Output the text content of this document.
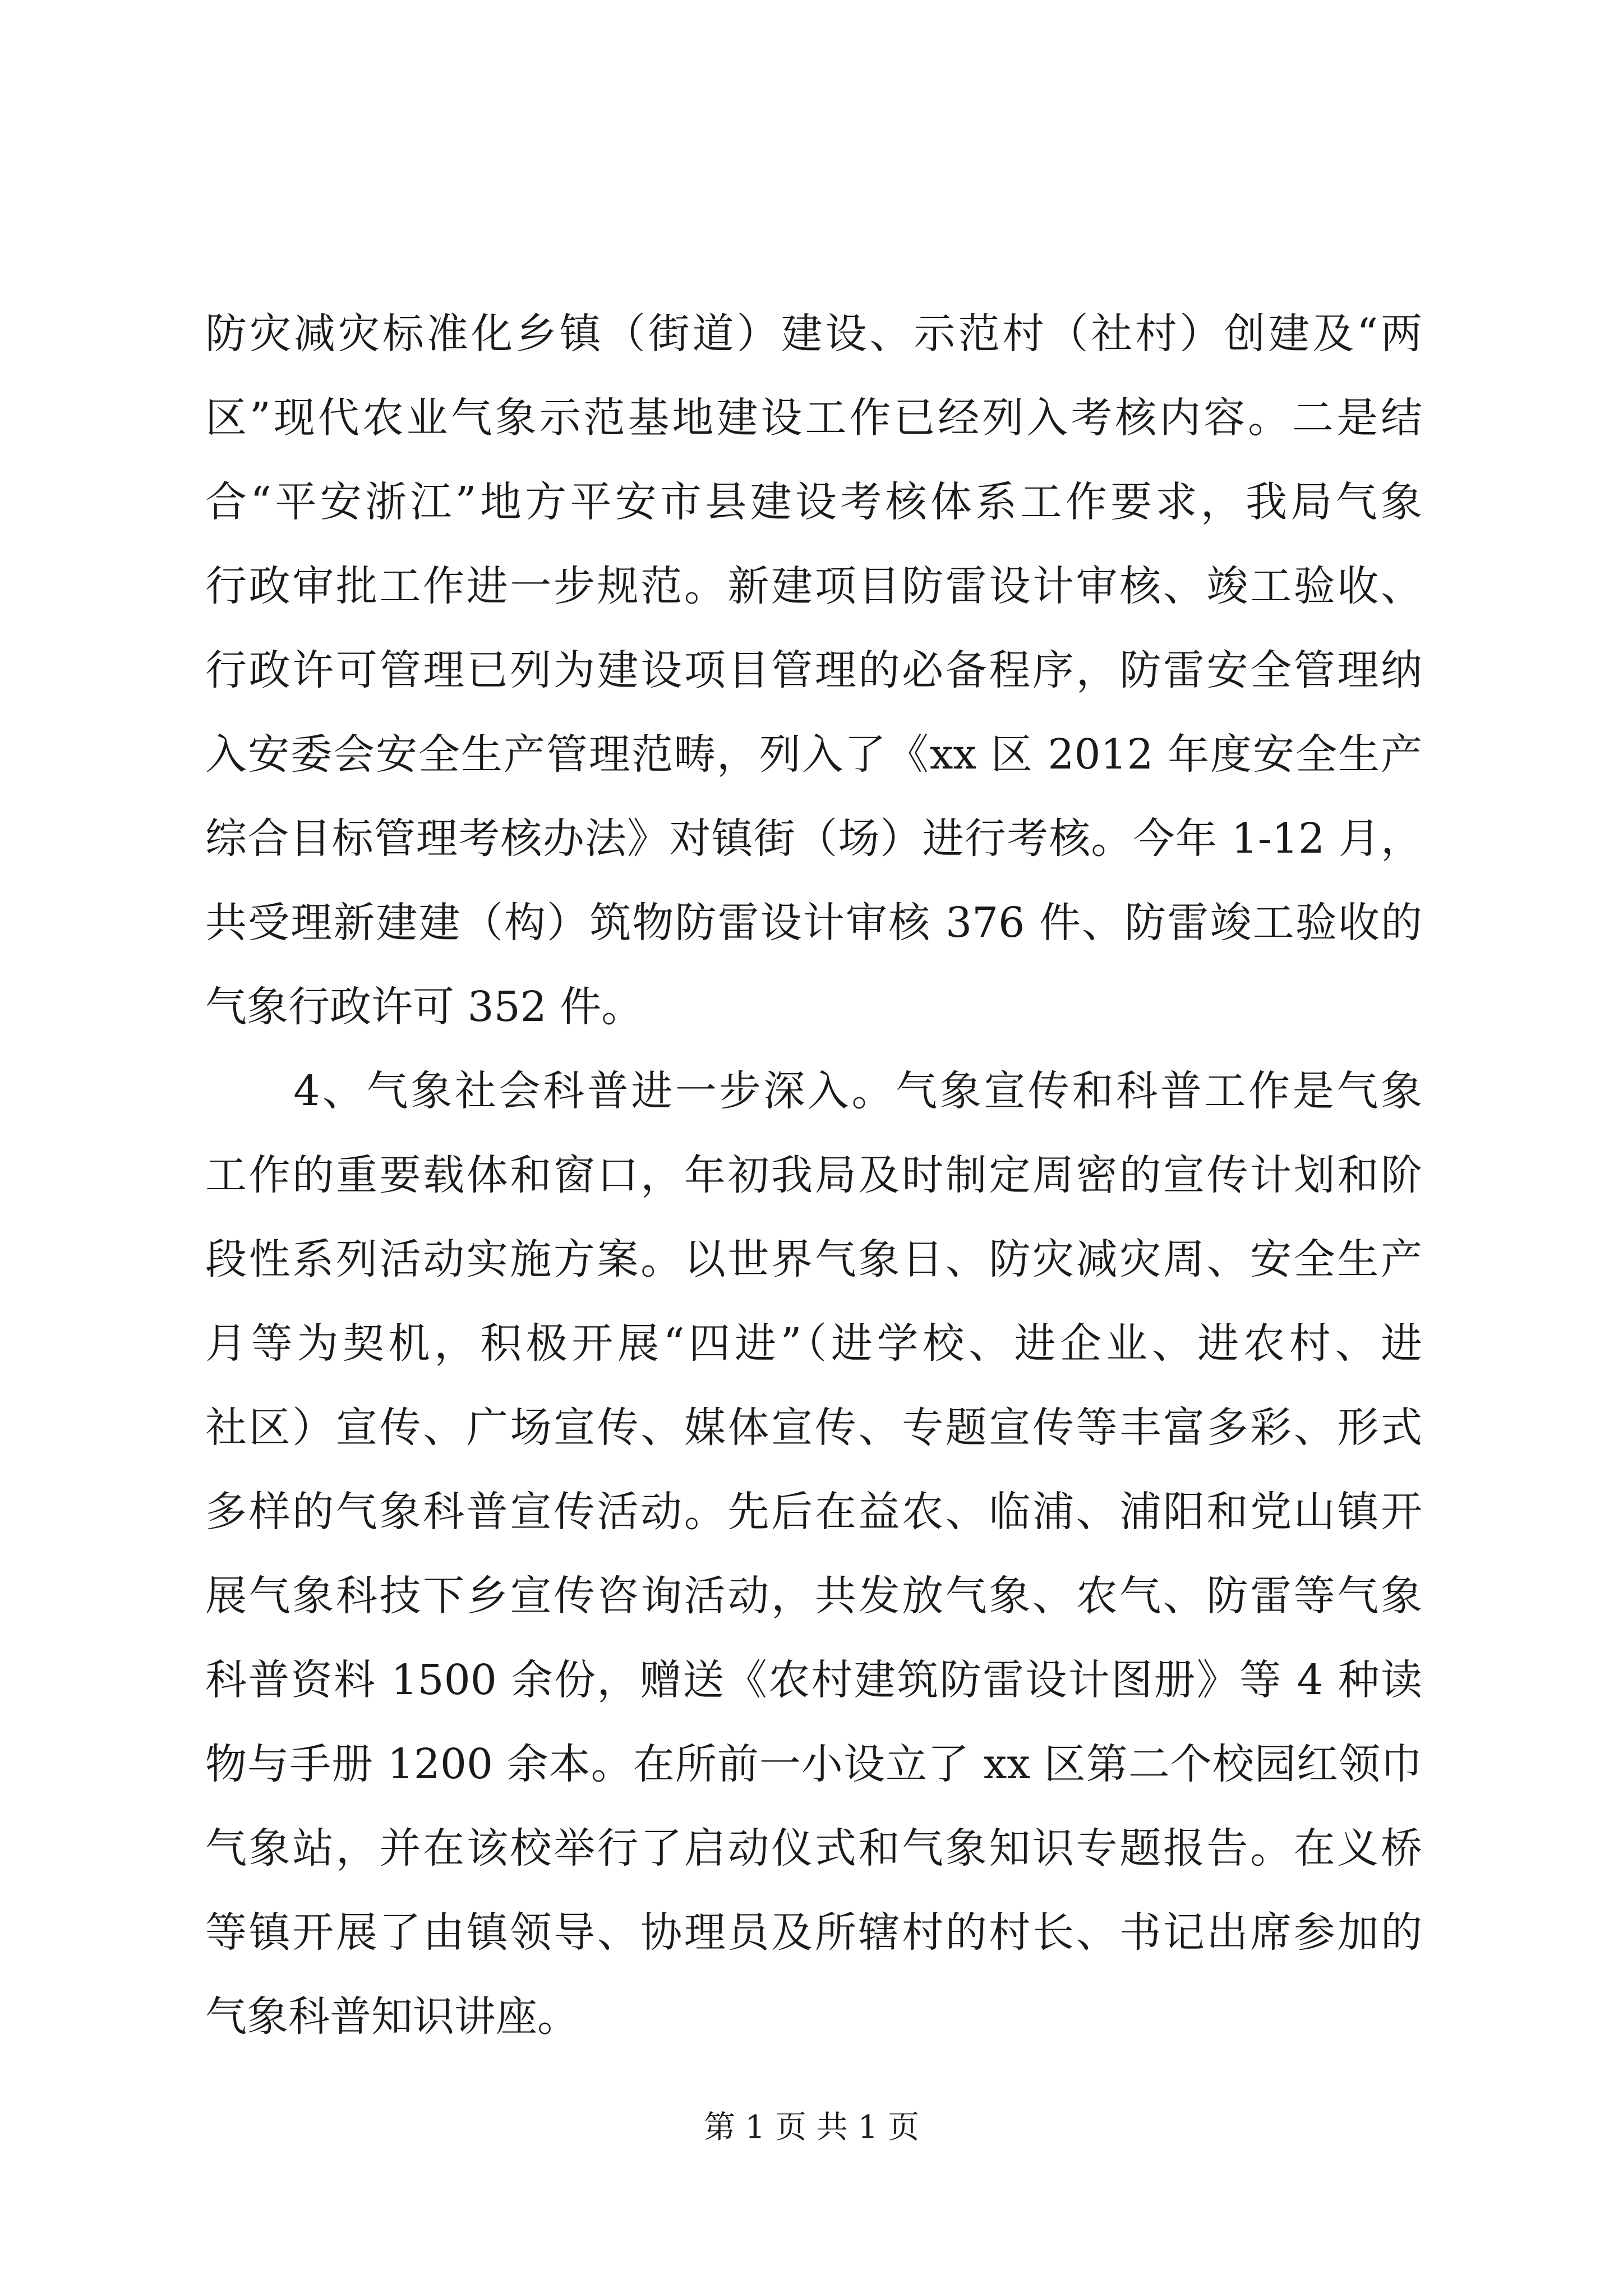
防灾减灾标准化乡镇（街道）建设、示范村（社村）创建及“两
区”现代农业气象示范基地建设工作已经列入考核内容。二是结
合“平安浙江”地方平安市县建设考核体系工作要求，我局气象
行政审批工作进一步规范。新建项目防雷设计审核、竣工验收、
行政许可管理已列为建设项目管理的必备程序，防雷安全管理纳
入安委会安全生产管理范畴，列入了《xx 区 2012 年度安全生产
综合目标管理考核办法》对镇街（场）进行考核。今年 1-12 月，
共受理新建建（构）筑物防雷设计审核 376 件、防雷竣工验收的
气象行政许可 352 件。
　　4、气象社会科普进一步深入。气象宣传和科普工作是气象
工作的重要载体和窗口，年初我局及时制定周密的宣传计划和阶
段性系列活动实施方案。以世界气象日、防灾减灾周、安全生产
月等为契机，积极开展“四进”（进学校、进企业、进农村、进
社区）宣传、广场宣传、媒体宣传、专题宣传等丰富多彩、形式
多样的气象科普宣传活动。先后在益农、临浦、浦阳和党山镇开
展气象科技下乡宣传咨询活动，共发放气象、农气、防雷等气象
科普资料 1500 余份，赠送《农村建筑防雷设计图册》等 4 种读
物与手册 1200 余本。在所前一小设立了 xx 区第二个校园红领巾
气象站，并在该校举行了启动仪式和气象知识专题报告。在义桥
等镇开展了由镇领导、协理员及所辖村的村长、书记出席参加的
气象科普知识讲座。
第 1 页 共 1 页
